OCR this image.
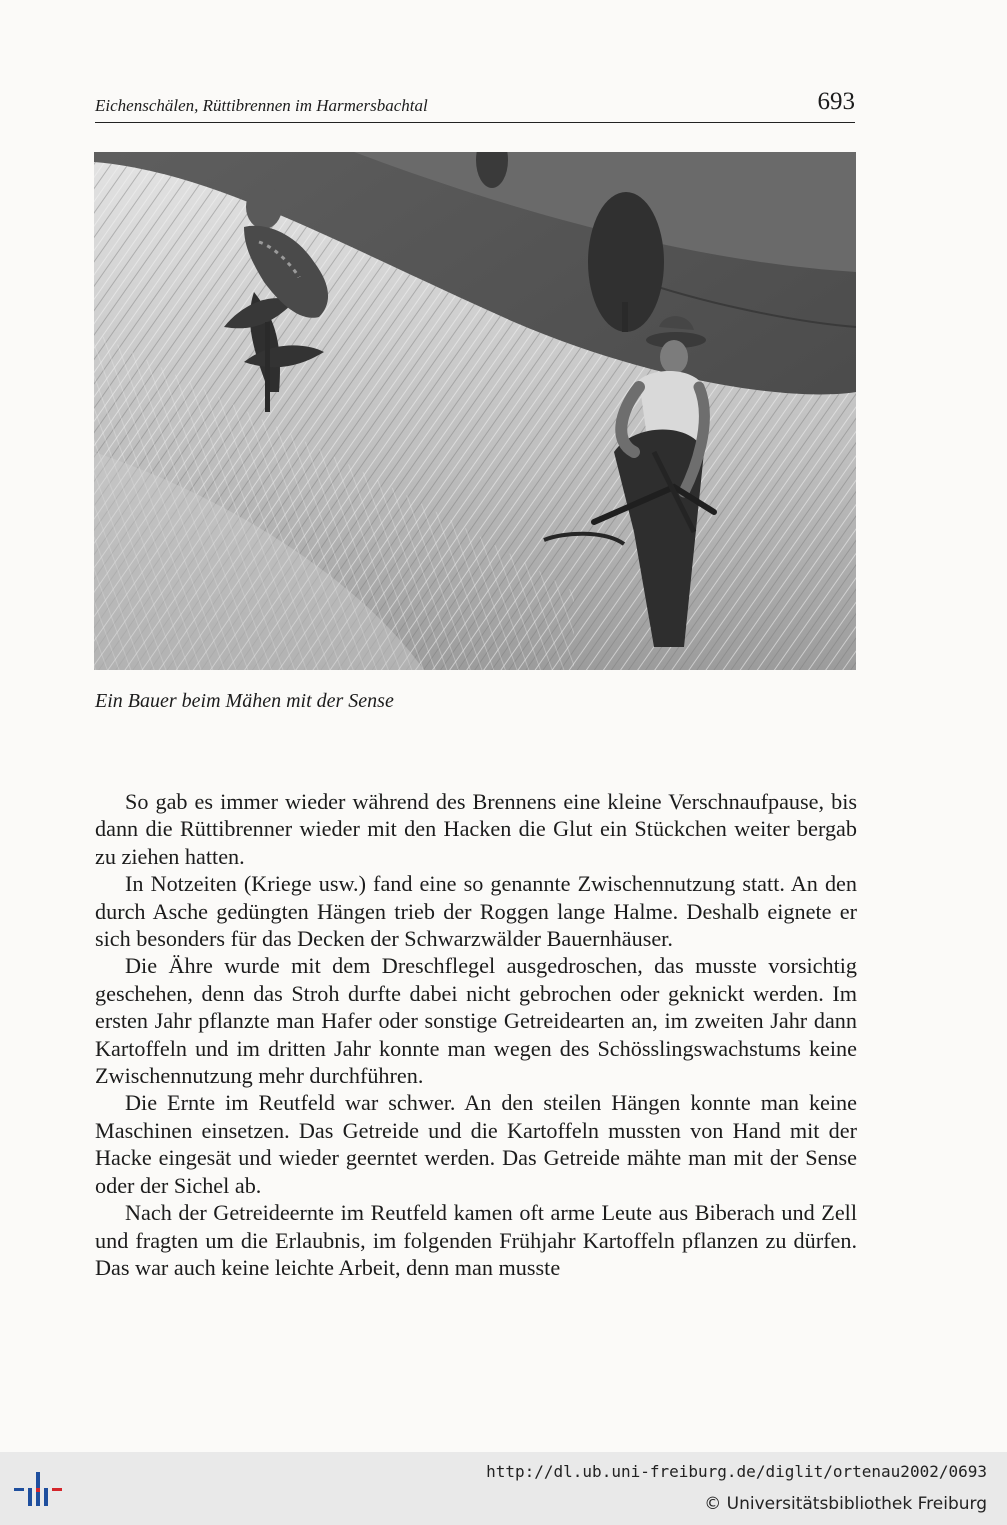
Eichenschälen, Rüttibrennen im Harmersbachtal	693
Ein Bauer beim Mähen mit der Sense

So gab es immer wieder während des Brennens eine kleine Verschnaufpause, bis dann die Rüttibrenner wieder mit den Hacken die Glut ein Stückchen weiter bergab zu ziehen hatten.

In Notzeiten (Kriege usw.) fand eine so genannte Zwischennutzung statt. An den durch Asche gedüngten Hängen trieb der Roggen lange Halme. Deshalb eignete er sich besonders für das Decken der Schwarzwälder Bauernhäuser.

Die Ähre wurde mit dem Dreschflegel ausgedroschen, das musste vorsichtig geschehen, denn das Stroh durfte dabei nicht gebrochen oder geknickt werden. Im ersten Jahr pflanzte man Hafer oder sonstige Getreidearten an, im zweiten Jahr dann Kartoffeln und im dritten Jahr konnte man wegen des Schösslingswachstums keine Zwischennutzung mehr durchführen.

Die Ernte im Reutfeld war schwer. An den steilen Hängen konnte man keine Maschinen einsetzen. Das Getreide und die Kartoffeln mussten von Hand mit der Hacke eingesät und wieder geerntet werden. Das Getreide mähte man mit der Sense oder der Sichel ab.

Nach der Getreideernte im Reutfeld kamen oft arme Leute aus Biberach und Zell und fragten um die Erlaubnis, im folgenden Frühjahr Kartoffeln pflanzen zu dürfen. Das war auch keine leichte Arbeit, denn man musste

http://dl.ub.uni-freiburg.de/diglit/ortenau2002/0693
© Universitätsbibliothek Freiburg
